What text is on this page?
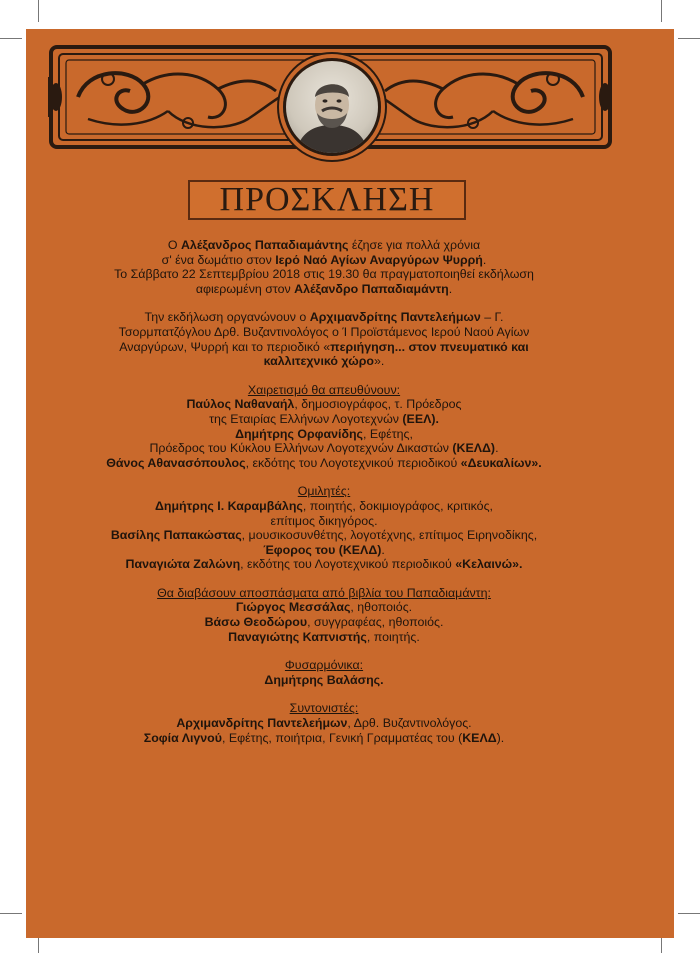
ΠΡΟΣΚΛΗΣΗ

Ο Αλέξανδρος Παπαδιαμάντης έζησε για πολλά χρόνια

σ' ένα δωμάτιο στον Ιερό Ναό Αγίων Αναργύρων Ψυρρή.

Το Σάββατο 22 Σεπτεμβρίου 2018 στις 19.30 θα πραγματοποιηθεί εκδήλωση

αφιερωμένη στον Αλέξανδρο Παπαδιαμάντη.

Την εκδήλωση οργανώνουν ο Αρχιμανδρίτης Παντελεήμων – Γ.

Τσορμπατζόγλου Δρθ. Βυζαντινολόγος ο Ί Προϊστάμενος Ιερού Ναού Αγίων

Αναργύρων, Ψυρρή και το περιοδικό «περιήγηση... στον πνευματικό και

καλλιτεχνικό χώρο».

Χαιρετισμό θα απευθύνουν:

Παύλος Ναθαναήλ, δημοσιογράφος, τ. Πρόεδρος

της Εταιρίας Ελλήνων Λογοτεχνών (ΕΕΛ).

Δημήτρης Ορφανίδης, Εφέτης,

Πρόεδρος του Κύκλου Ελλήνων Λογοτεχνών Δικαστών (ΚΕΛΔ).

Θάνος Αθανασόπουλος, εκδότης του Λογοτεχνικού περιοδικού «Δευκαλίων».

Ομιλητές:

Δημήτρης Ι. Καραμβάλης, ποιητής, δοκιμιογράφος, κριτικός,

επίτιμος δικηγόρος.

Βασίλης Παπακώστας, μουσικοσυνθέτης, λογοτέχνης, επίτιμος Ειρηνοδίκης,

Έφορος του (ΚΕΛΔ).

Παναγιώτα Ζαλώνη, εκδότης του Λογοτεχνικού περιοδικού «Κελαινώ».

Θα διαβάσουν αποσπάσματα από βιβλία του Παπαδιαμάντη:

Γιώργος Μεσσάλας, ηθοποιός.

Βάσω Θεοδώρου, συγγραφέας, ηθοποιός.

Παναγιώτης Καπνιστής, ποιητής.

Φυσαρμόνικα:

Δημήτρης Βαλάσης.

Συντονιστές:

Αρχιμανδρίτης Παντελεήμων, Δρθ. Βυζαντινολόγος.

Σοφία Λιγνού, Εφέτης, ποιήτρια, Γενική Γραμματέας του (ΚΕΛΔ).
